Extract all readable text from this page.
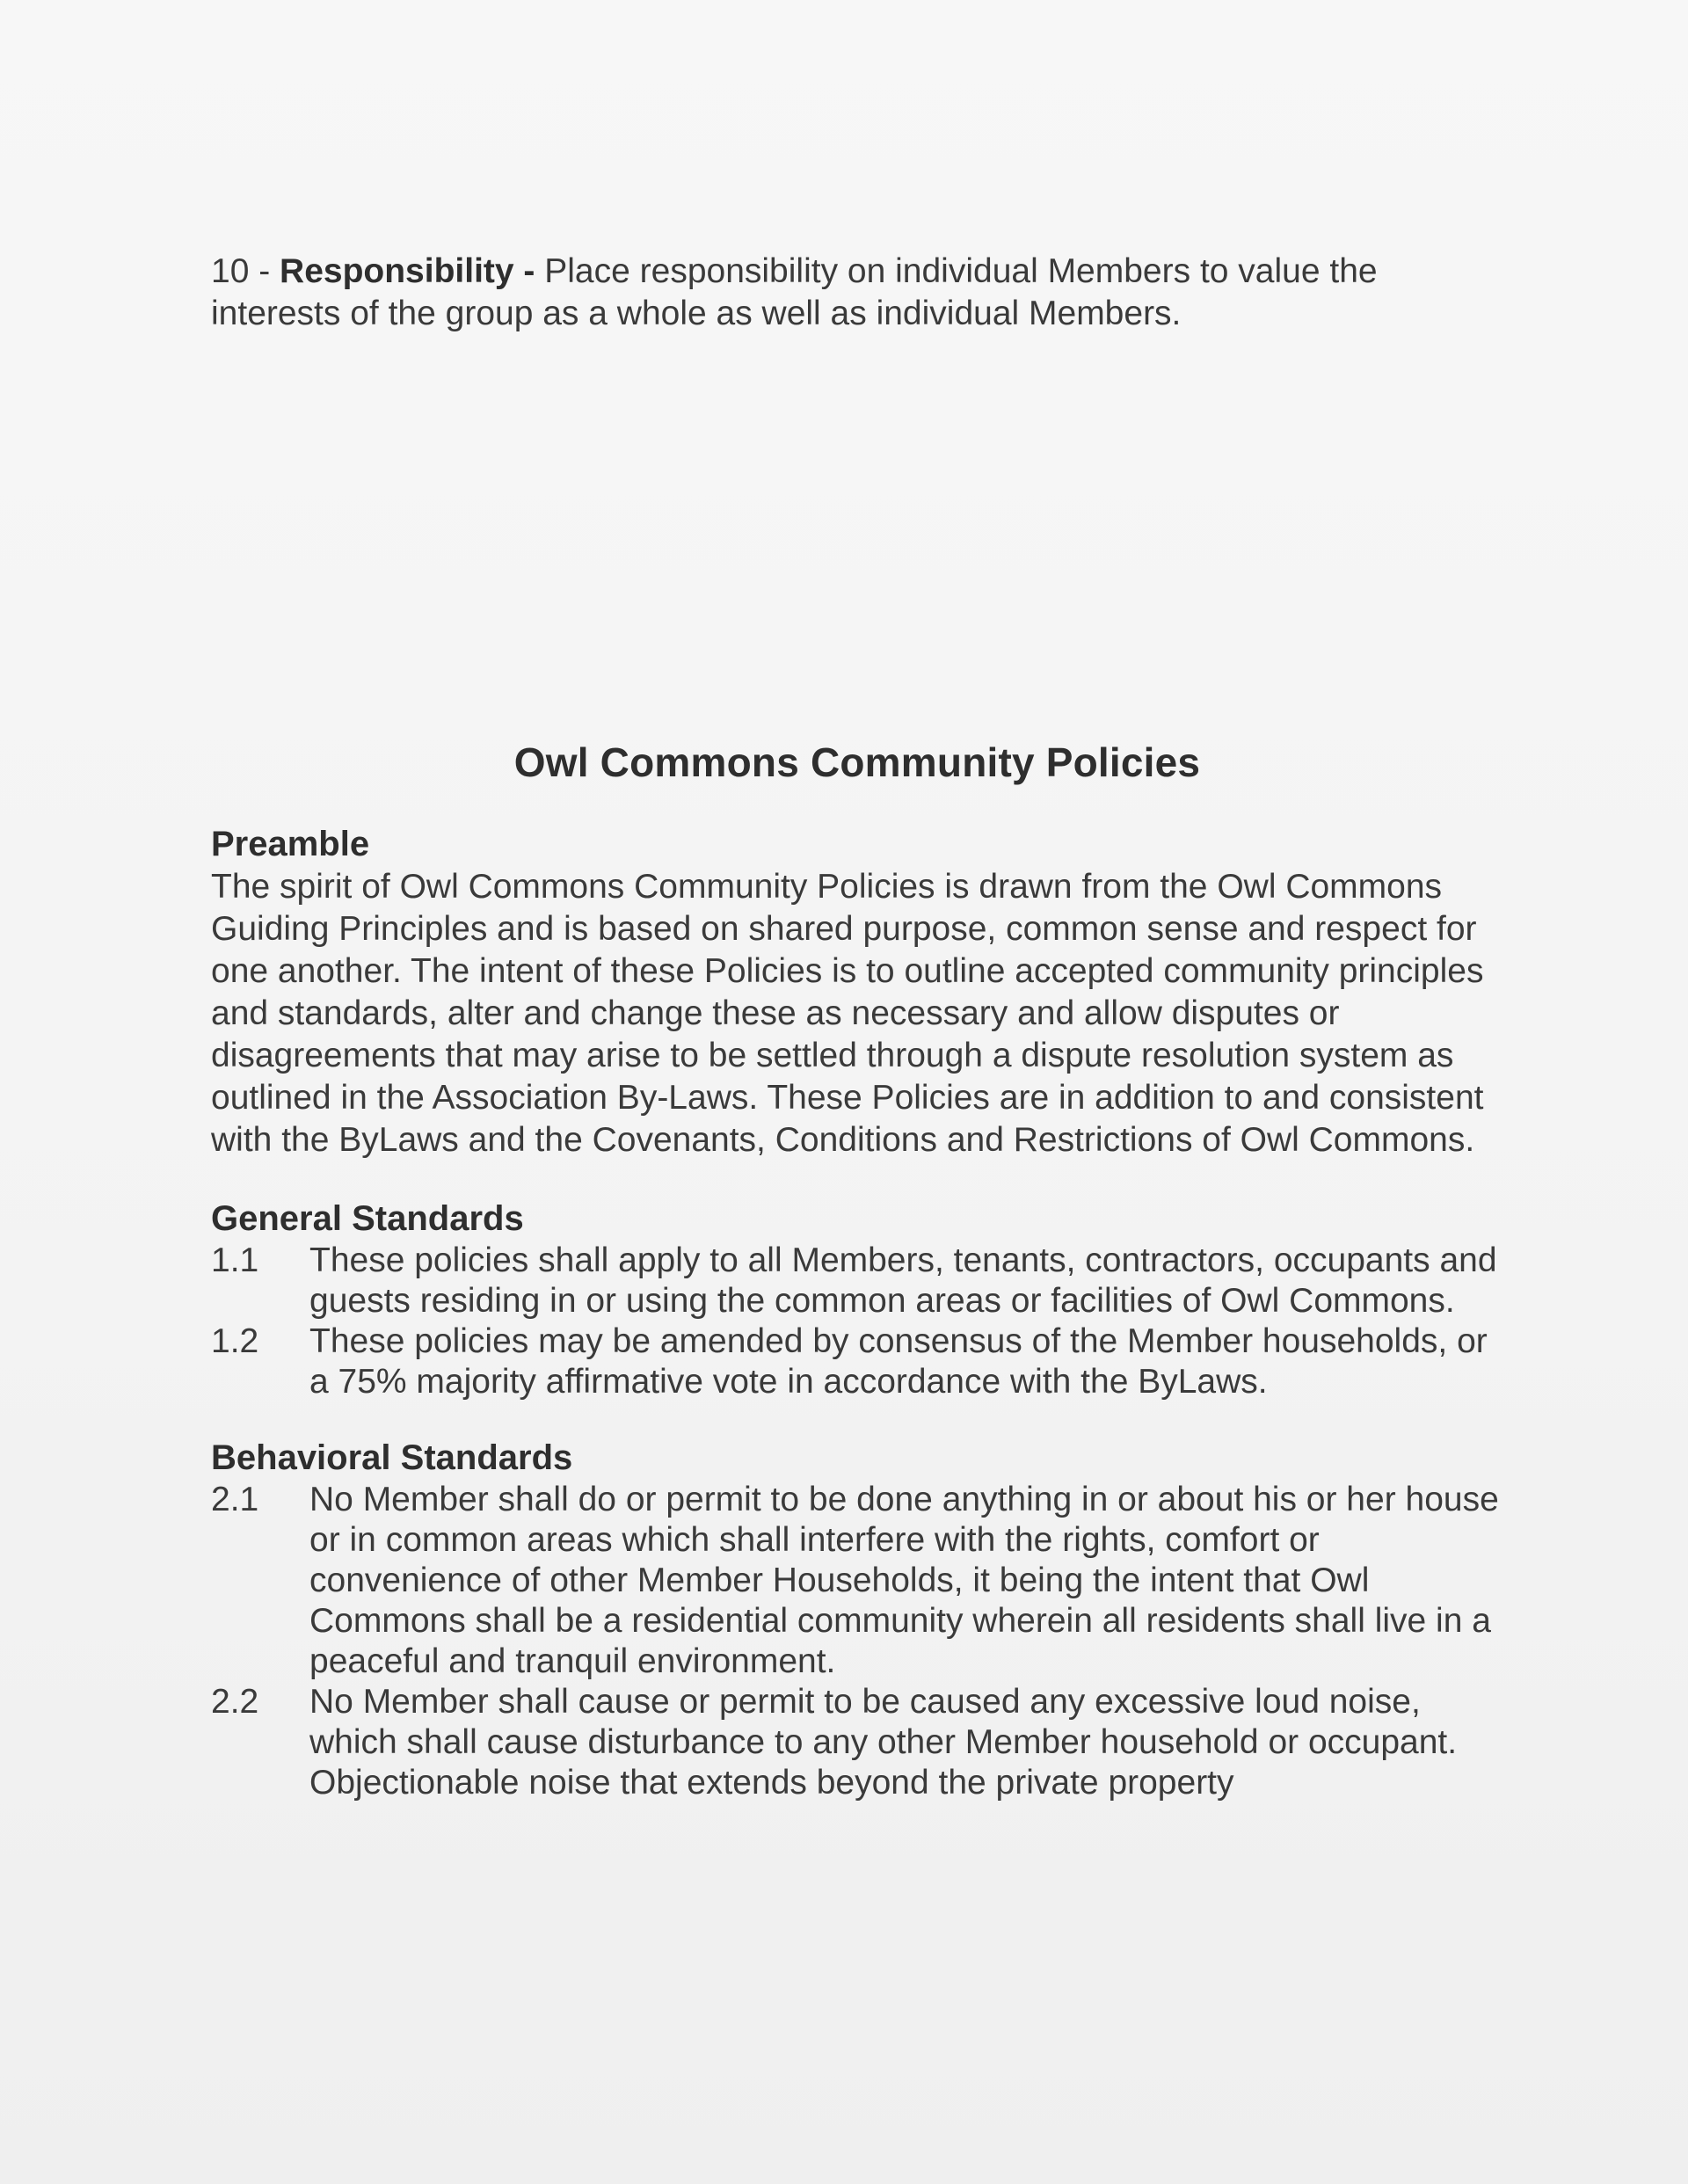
10 - Responsibility - Place responsibility on individual Members to value the interests of the group as a whole as well as individual Members.

Owl Commons Community Policies
Preamble

The spirit of Owl Commons Community Policies is drawn from the Owl Commons Guiding Principles and is based on shared purpose, common sense and respect for one another. The intent of these Policies is to outline accepted community principles and standards, alter and change these as necessary and allow disputes or disagreements that may arise to be settled through a dispute resolution system as outlined in the Association By-Laws. These Policies are in addition to and consistent with the ByLaws and the Covenants, Conditions and Restrictions of Owl Commons.

General Standards
1.1	These policies shall apply to all Members, tenants, contractors, occupants and guests residing in or using the common areas or facilities of Owl Commons.
1.2	These policies may be amended by consensus of the Member households, or a 75% majority affirmative vote in accordance with the ByLaws.
Behavioral Standards
2.1	No Member shall do or permit to be done anything in or about his or her house or in common areas which shall interfere with the rights, comfort or convenience of other Member Households, it being the intent that Owl Commons shall be a residential community wherein all residents shall live in a peaceful and tranquil environment.
2.2	No Member shall cause or permit to be caused any excessive loud noise, which shall cause disturbance to any other Member household or occupant. Objectionable noise that extends beyond the private property
